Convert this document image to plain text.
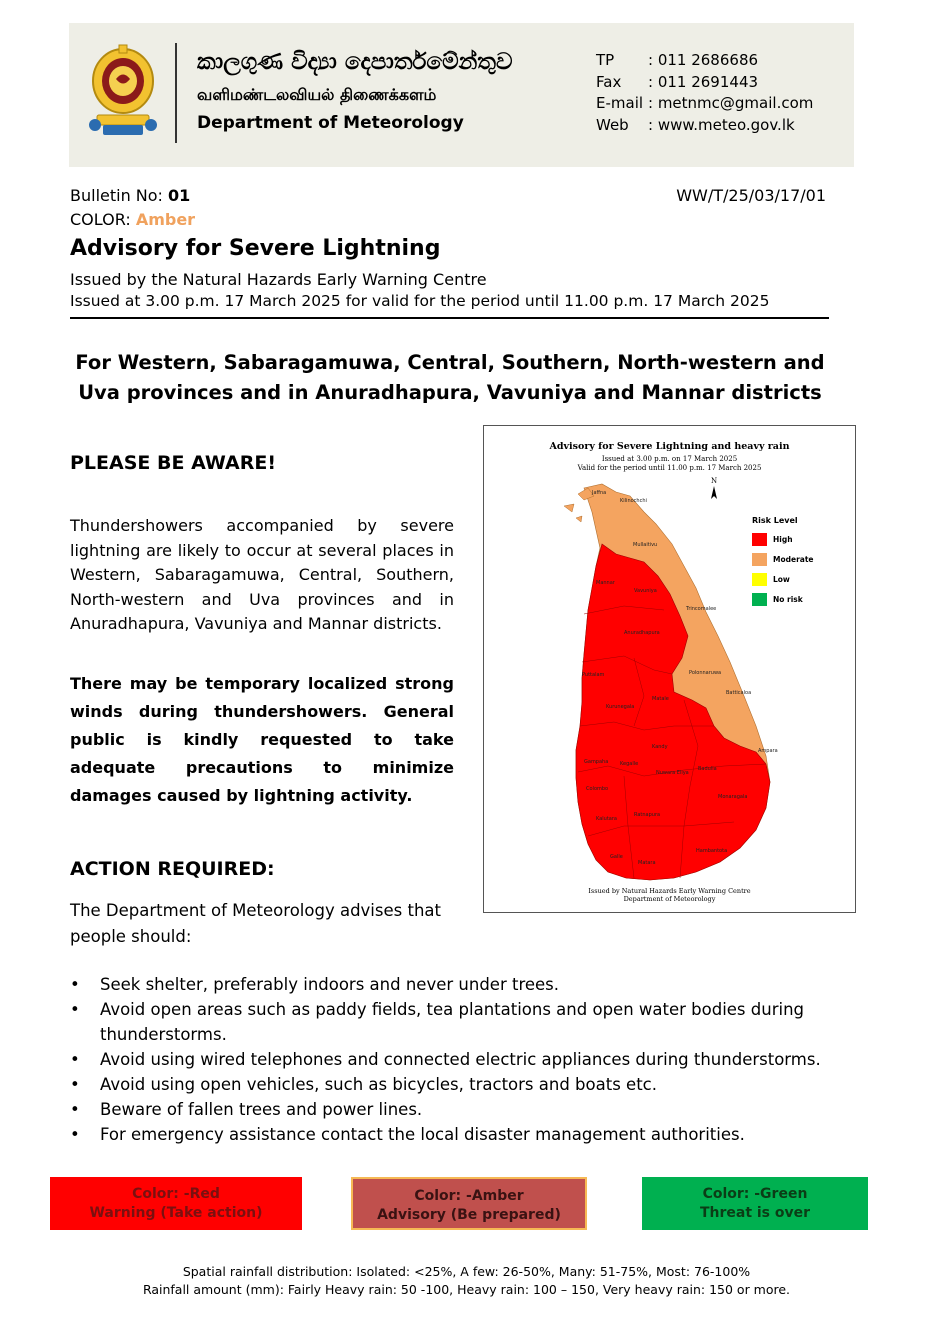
කාලගුණ විද්‍යා දෙපාර්තමේන්තුව
வளிமண்டலவியல் திணைக்களம்
Department of Meteorology
TP	: 011 2686686
Fax	: 011 2691443
E-mail : metnmc@gmail.com
Web	: www.meteo.gov.lk
Bulletin No: 01	WW/T/25/03/17/01
COLOR: Amber
Advisory for Severe Lightning
Issued by the Natural Hazards Early Warning Centre
Issued at 3.00 p.m. 17 March 2025 for valid for the period until 11.00 p.m. 17 March 2025
For Western, Sabaragamuwa, Central, Southern, North-western and Uva provinces and in Anuradhapura, Vavuniya and Mannar districts
PLEASE BE AWARE!
Thundershowers accompanied by severe lightning are likely to occur at several places in Western, Sabaragamuwa, Central, Southern, North-western and Uva provinces and in Anuradhapura, Vavuniya and Mannar districts.
There may be temporary localized strong winds during thundershowers. General public is kindly requested to take adequate precautions to minimize damages caused by lightning activity.
ACTION REQUIRED:
The Department of Meteorology advises that people should:
Advisory for Severe Lightning and heavy rain
Issued at 3.00 p.m. on 17 March 2025
Valid for the period until 11.00 p.m. 17 March 2025
N
Jaffna
Kilinochchi
Mullaitivu
Mannar
Vavuniya
Trincomalee
Anuradhapura
Polonnaruwa
Batticaloa
Puttalam
Kurunegala
Matale
Ampara
Kandy
Gampaha Kegalle
Nuwara Eliya
Badulla
Colombo
Monaragala
Kalutara
Ratnapura
Hambantota
Galle
Matara
Risk Level
High
Moderate
Low
No risk
Issued by Natural Hazards Early Warning Centre
Department of Meteorology
•	Seek shelter, preferably indoors and never under trees.
•	Avoid open areas such as paddy fields, tea plantations and open water bodies during thunderstorms.
•	Avoid using wired telephones and connected electric appliances during thunderstorms.
•	Avoid using open vehicles, such as bicycles, tractors and boats etc.
•	Beware of fallen trees and power lines.
•	For emergency assistance contact the local disaster management authorities.
Color: -Red
Warning (Take action)
Color: -Amber
Advisory (Be prepared)
Color: -Green
Threat is over
Spatial rainfall distribution: Isolated: <25%, A few: 26-50%, Many: 51-75%, Most: 76-100%
Rainfall amount (mm): Fairly Heavy rain: 50 -100, Heavy rain: 100 – 150, Very heavy rain: 150 or more.
